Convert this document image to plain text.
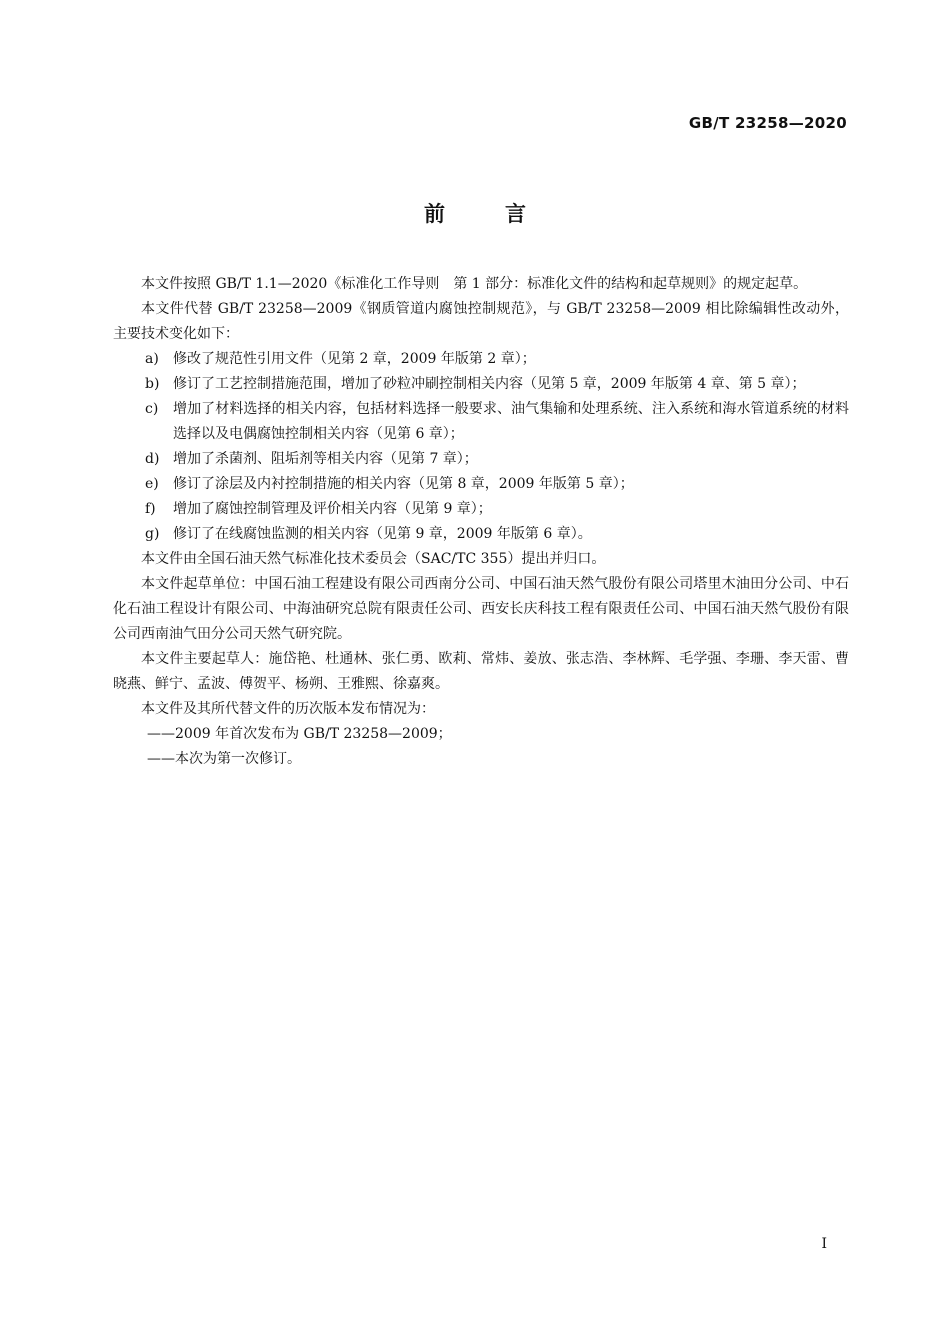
GB/T 23258—2020
前言

本文件按照 GB/T 1.1—2020《标准化工作导则　第 1 部分：标准化文件的结构和起草规则》的规定起草。

本文件代替 GB/T 23258—2009《钢质管道内腐蚀控制规范》，与 GB/T 23258—2009 相比除编辑性改动外，主要技术变化如下：

a)	修改了规范性引用文件（见第 2 章，2009 年版第 2 章）；
b) 修订了工艺控制措施范围，增加了砂粒冲刷控制相关内容（见第 5 章，2009 年版第 4 章、第 5 章）；
c)	增加了材料选择的相关内容，包括材料选择一般要求、油气集输和处理系统、注入系统和海水管道系统的材料选择以及电偶腐蚀控制相关内容（见第 6 章）；
d) 增加了杀菌剂、阻垢剂等相关内容（见第 7 章）；
e)	修订了涂层及内衬控制措施的相关内容（见第 8 章，2009 年版第 5 章）；
f)	增加了腐蚀控制管理及评价相关内容（见第 9 章）；
g) 修订了在线腐蚀监测的相关内容（见第 9 章，2009 年版第 6 章）。

本文件由全国石油天然气标准化技术委员会（SAC/TC 355）提出并归口。

本文件起草单位：中国石油工程建设有限公司西南分公司、中国石油天然气股份有限公司塔里木油田分公司、中石化石油工程设计有限公司、中海油研究总院有限责任公司、西安长庆科技工程有限责任公司、中国石油天然气股份有限公司西南油气田分公司天然气研究院。

本文件主要起草人：施岱艳、杜通林、张仁勇、欧莉、常炜、姜放、张志浩、李林辉、毛学强、李珊、李天雷、曹晓燕、鲜宁、孟波、傅贺平、杨朔、王雅熙、徐嘉爽。

本文件及其所代替文件的历次版本发布情况为：

——2009 年首次发布为 GB/T 23258—2009；

——本次为第一次修订。

I
